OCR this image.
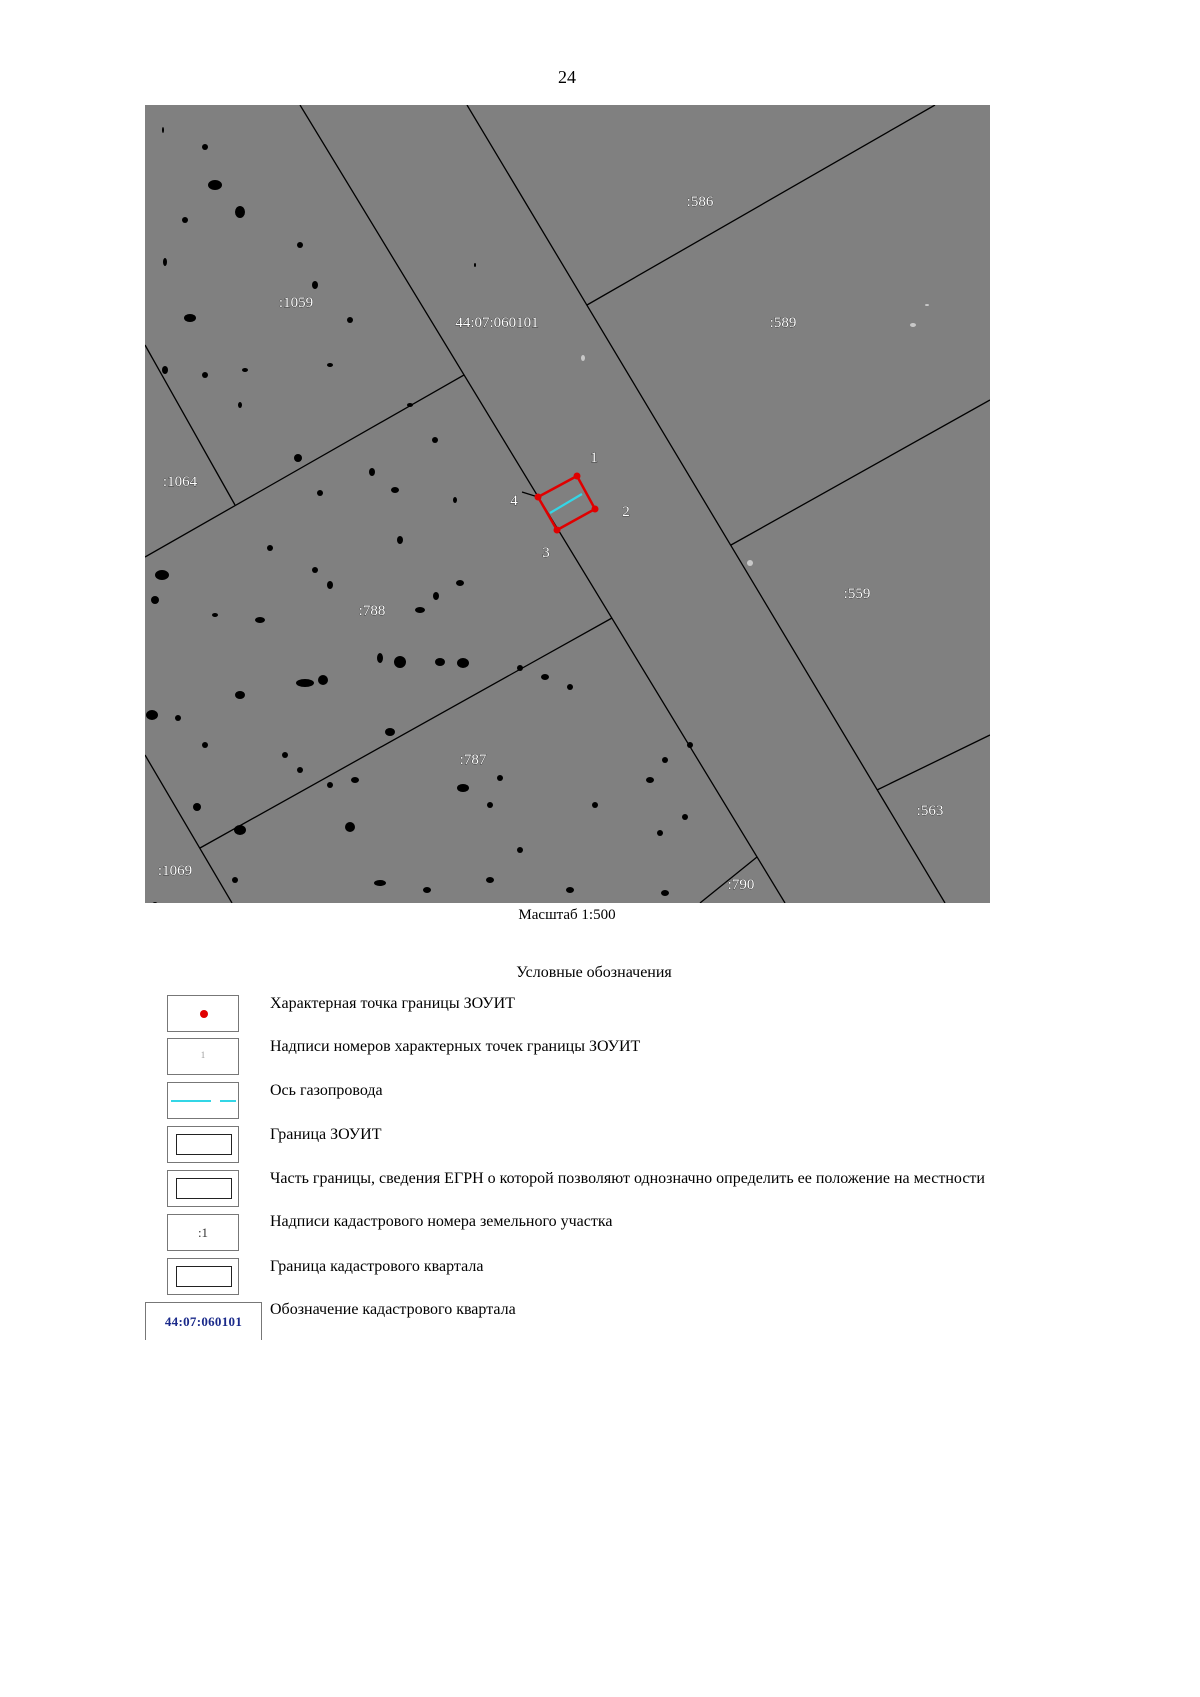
24
:586
:1059
44:07:060101	:589
:1064
:559
:788
:787
:563
:1069
:790
1
2
3
4
Масштаб 1:500
Условные обозначения
Характерная точка границы ЗОУИТ
1	Надписи номеров характерных точек границы ЗОУИТ
Ось газопровода
Граница ЗОУИТ
Часть границы, сведения ЕГРН о которой позволяют однозначно определить ее положение на местности
:1
Надписи кадастрового номера земельного участка
Граница кадастрового квартала
44:07:060101
Обозначение кадастрового квартала
